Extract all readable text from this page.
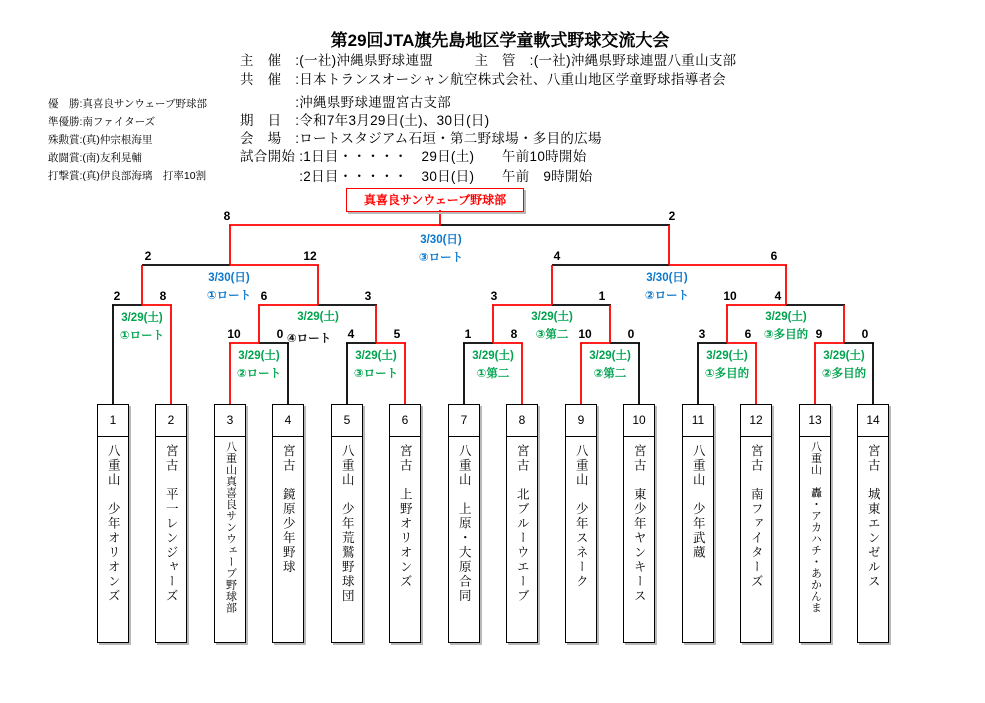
第29回JTA旗先島地区学童軟式野球交流大会
主　催　:(一社)沖縄県野球連盟　　　主　管　:(一社)沖縄県野球連盟八重山支部
共　催　:日本トランスオーシャン航空株式会社、八重山地区学童野球指導者会
　　　　:沖縄県野球連盟宮古支部
期　日　:令和7年3月29日(土)、30日(日)
会　場　:ロートスタジアム石垣・第二野球場・多目的広場
試合開始 :1日目・・・・・　29日(土)　　午前10時開始
　　　　 :2日目・・・・・　30日(日)　　午前　9時開始
優　勝:真喜良サンウェーブ野球部
準優勝:南ファイターズ
殊勲賞:(真)仲宗根海里
敢闘賞:(南)友利晃輔
打撃賞:(真)伊良部海璃　打率10割
真喜良サンウェーブ野球部
8	2
3/30(日)
③ロート
2	12
3/30(日)
①ロート
4	6
3/30(日)
②ロート
2	8
3/29(土)
①ロート
6	3
3/29(土)
④ロート
3	1
3/29(土)
③第二
10	4
3/29(土)
③多目的
10	0
3/29(土)
②ロート
4	5
3/29(土)
③ロート
1	8
3/29(土)
①第二
10	0
3/29(土)
②第二
3	6
3/29(土)
①多目的
9	0
3/29(土)
②多目的
1
八重山　少年オリオンズ
2
宮古　平一レンジャーズ
3
八重山真喜良サンウェーブ野球部
4
宮古　鏡原少年野球
5
八重山　少年荒鷲野球団
6
宮古　上野オリオンズ
7
八重山　上原・大原合同
8
宮古　北ブルーウエーブ
9
八重山　少年スネーク
10
宮古　東少年ヤンキース
11
八重山　少年武蔵
12
宮古　南ファイターズ
13
八重山　轟・アカハチ・あかんま
14
宮古　城東エンゼルス
